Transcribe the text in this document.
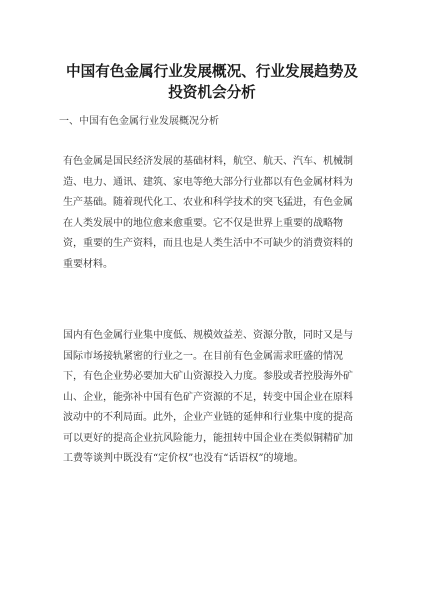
中国有色金属行业发展概况、行业发展趋势及
投资机会分析
一、中国有色金属行业发展概况分析
有色金属是国民经济发展的基础材料，航空、航天、汽车、机械制
造、电力、通讯、建筑、家电等绝大部分行业都以有色金属材料为
生产基础。随着现代化工、农业和科学技术的突飞猛进，有色金属
在人类发展中的地位愈来愈重要。它不仅是世界上重要的战略物
资，重要的生产资料，而且也是人类生活中不可缺少的消费资料的
重要材料。
国内有色金属行业集中度低、规模效益差、资源分散，同时又是与
国际市场接轨紧密的行业之一。在目前有色金属需求旺盛的情况
下，有色企业势必要加大矿山资源投入力度。参股或者控股海外矿
山、企业，能弥补中国有色矿产资源的不足，转变中国企业在原料
波动中的不利局面。此外，企业产业链的延伸和行业集中度的提高
可以更好的提高企业抗风险能力，能扭转中国企业在类似铜精矿加
工费等谈判中既没有“定价权”也没有“话语权”的境地。
